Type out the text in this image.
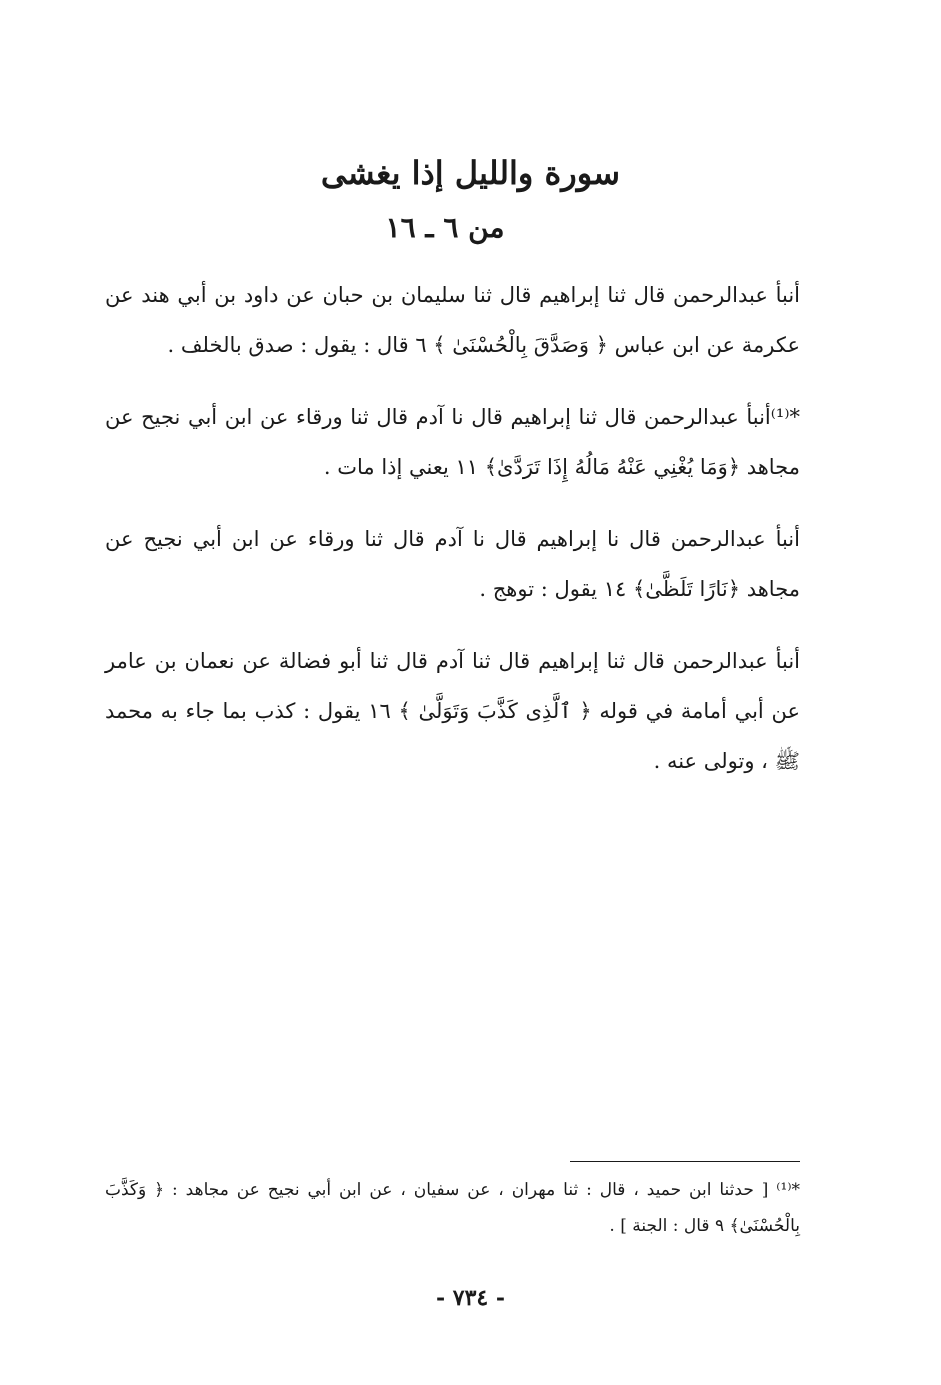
سورة والليل إذا يغشى
من ٦ ـ ١٦

أنبأ عبدالرحمن قال ثنا إبراهيم قال ثنا سليمان بن حبان عن داود بن أبي هند عن عكرمة عن ابن عباس ﴿ وَصَدَّقَ بِالْحُسْنَىٰ ﴾ ٦ قال : يقول : صدق بالخلف .

*⁽¹⁾أنبأ عبدالرحمن قال ثنا إبراهيم قال نا آدم قال ثنا ورقاء عن ابن أبي نجيح عن مجاهد ﴿وَمَا يُغْنِي عَنْهُ مَالُهُ إِذَا تَرَدَّىٰ﴾ ١١ يعني إذا مات .

أنبأ عبدالرحمن قال نا إبراهيم قال نا آدم قال ثنا ورقاء عن ابن أبي نجيح عن مجاهد ﴿نَارًا تَلَظَّىٰ﴾ ١٤ يقول : توهج .

أنبأ عبدالرحمن قال ثنا إبراهيم قال ثنا آدم قال ثنا أبو فضالة عن نعمان بن عامر عن أبي أمامة في قوله ﴿ ٱلَّذِى كَذَّبَ وَتَوَلَّىٰ ﴾ ١٦ يقول : كذب بما جاء به محمد ﷺ ، وتولى عنه .

*⁽¹⁾ [ حدثنا ابن حميد ، قال : ثنا مهران ، عن سفيان ، عن ابن أبي نجيح عن مجاهد : ﴿ وَكَذَّبَ بِالْحُسْنَىٰ﴾ ٩ قال : الجنة ] .
- ٧٣٤ -
